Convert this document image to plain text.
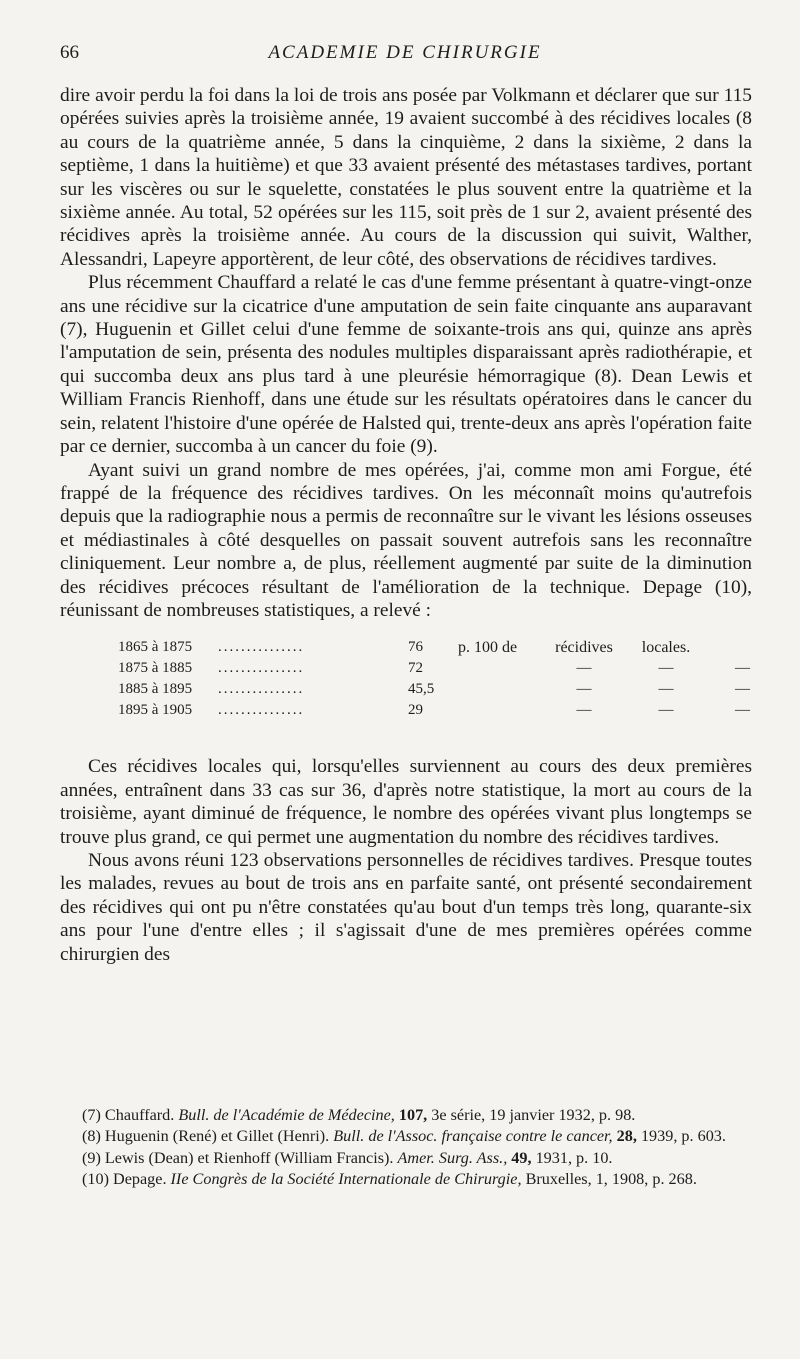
66	ACADEMIE DE CHIRURGIE

dire avoir perdu la foi dans la loi de trois ans posée par Volkmann et déclarer que sur 115 opérées suivies après la troisième année, 19 avaient succombé à des récidives locales (8 au cours de la quatrième année, 5 dans la cinquième, 2 dans la sixième, 2 dans la septième, 1 dans la huitième) et que 33 avaient présenté des métastases tardives, portant sur les viscères ou sur le squelette, constatées le plus souvent entre la quatrième et la sixième année. Au total, 52 opérées sur les 115, soit près de 1 sur 2, avaient présenté des récidives après la troisième année. Au cours de la discussion qui suivit, Walther, Alessandri, Lapeyre apportèrent, de leur côté, des observations de récidives tardives.

Plus récemment Chauffard a relaté le cas d'une femme présentant à quatre-vingt-onze ans une récidive sur la cicatrice d'une amputation de sein faite cinquante ans auparavant (7), Huguenin et Gillet celui d'une femme de soixante-trois ans qui, quinze ans après l'amputation de sein, présenta des nodules multiples disparaissant après radiothérapie, et qui succomba deux ans plus tard à une pleurésie hémorragique (8). Dean Lewis et William Francis Rienhoff, dans une étude sur les résultats opératoires dans le cancer du sein, relatent l'histoire d'une opérée de Halsted qui, trente-deux ans après l'opération faite par ce dernier, succomba à un cancer du foie (9).

Ayant suivi un grand nombre de mes opérées, j'ai, comme mon ami Forgue, été frappé de la fréquence des récidives tardives. On les méconnaît moins qu'autrefois depuis que la radiographie nous a permis de reconnaître sur le vivant les lésions osseuses et médiastinales à côté desquelles on passait souvent autrefois sans les reconnaître cliniquement. Leur nombre a, de plus, réellement augmenté par suite de la diminution des récidives précoces résultant de l'amélioration de la technique. Depage (10), réunissant de nombreuses statistiques, a relevé :

1865 à 1875	...............	76	p. 100 de	récidives	locales.
1875 à 1885	...............	72	—	—	—
1885 à 1895	...............	45,5	—	—	—
1895 à 1905	...............	29	—	—	—

Ces récidives locales qui, lorsqu'elles surviennent au cours des deux premières années, entraînent dans 33 cas sur 36, d'après notre statistique, la mort au cours de la troisième, ayant diminué de fréquence, le nombre des opérées vivant plus longtemps se trouve plus grand, ce qui permet une augmentation du nombre des récidives tardives.

Nous avons réuni 123 observations personnelles de récidives tardives. Presque toutes les malades, revues au bout de trois ans en parfaite santé, ont présenté secondairement des récidives qui ont pu n'être constatées qu'au bout d'un temps très long, quarante-six ans pour l'une d'entre elles ; il s'agissait d'une de mes premières opérées comme chirurgien des

(7) Chauffard. Bull. de l'Académie de Médecine, 107, 3e série, 19 janvier 1932, p. 98.

(8) Huguenin (René) et Gillet (Henri). Bull. de l'Assoc. française contre le cancer, 28, 1939, p. 603.

(9) Lewis (Dean) et Rienhoff (William Francis). Amer. Surg. Ass., 49, 1931, p. 10.

(10) Depage. IIe Congrès de la Société Internationale de Chirurgie, Bruxelles, 1, 1908, p. 268.
